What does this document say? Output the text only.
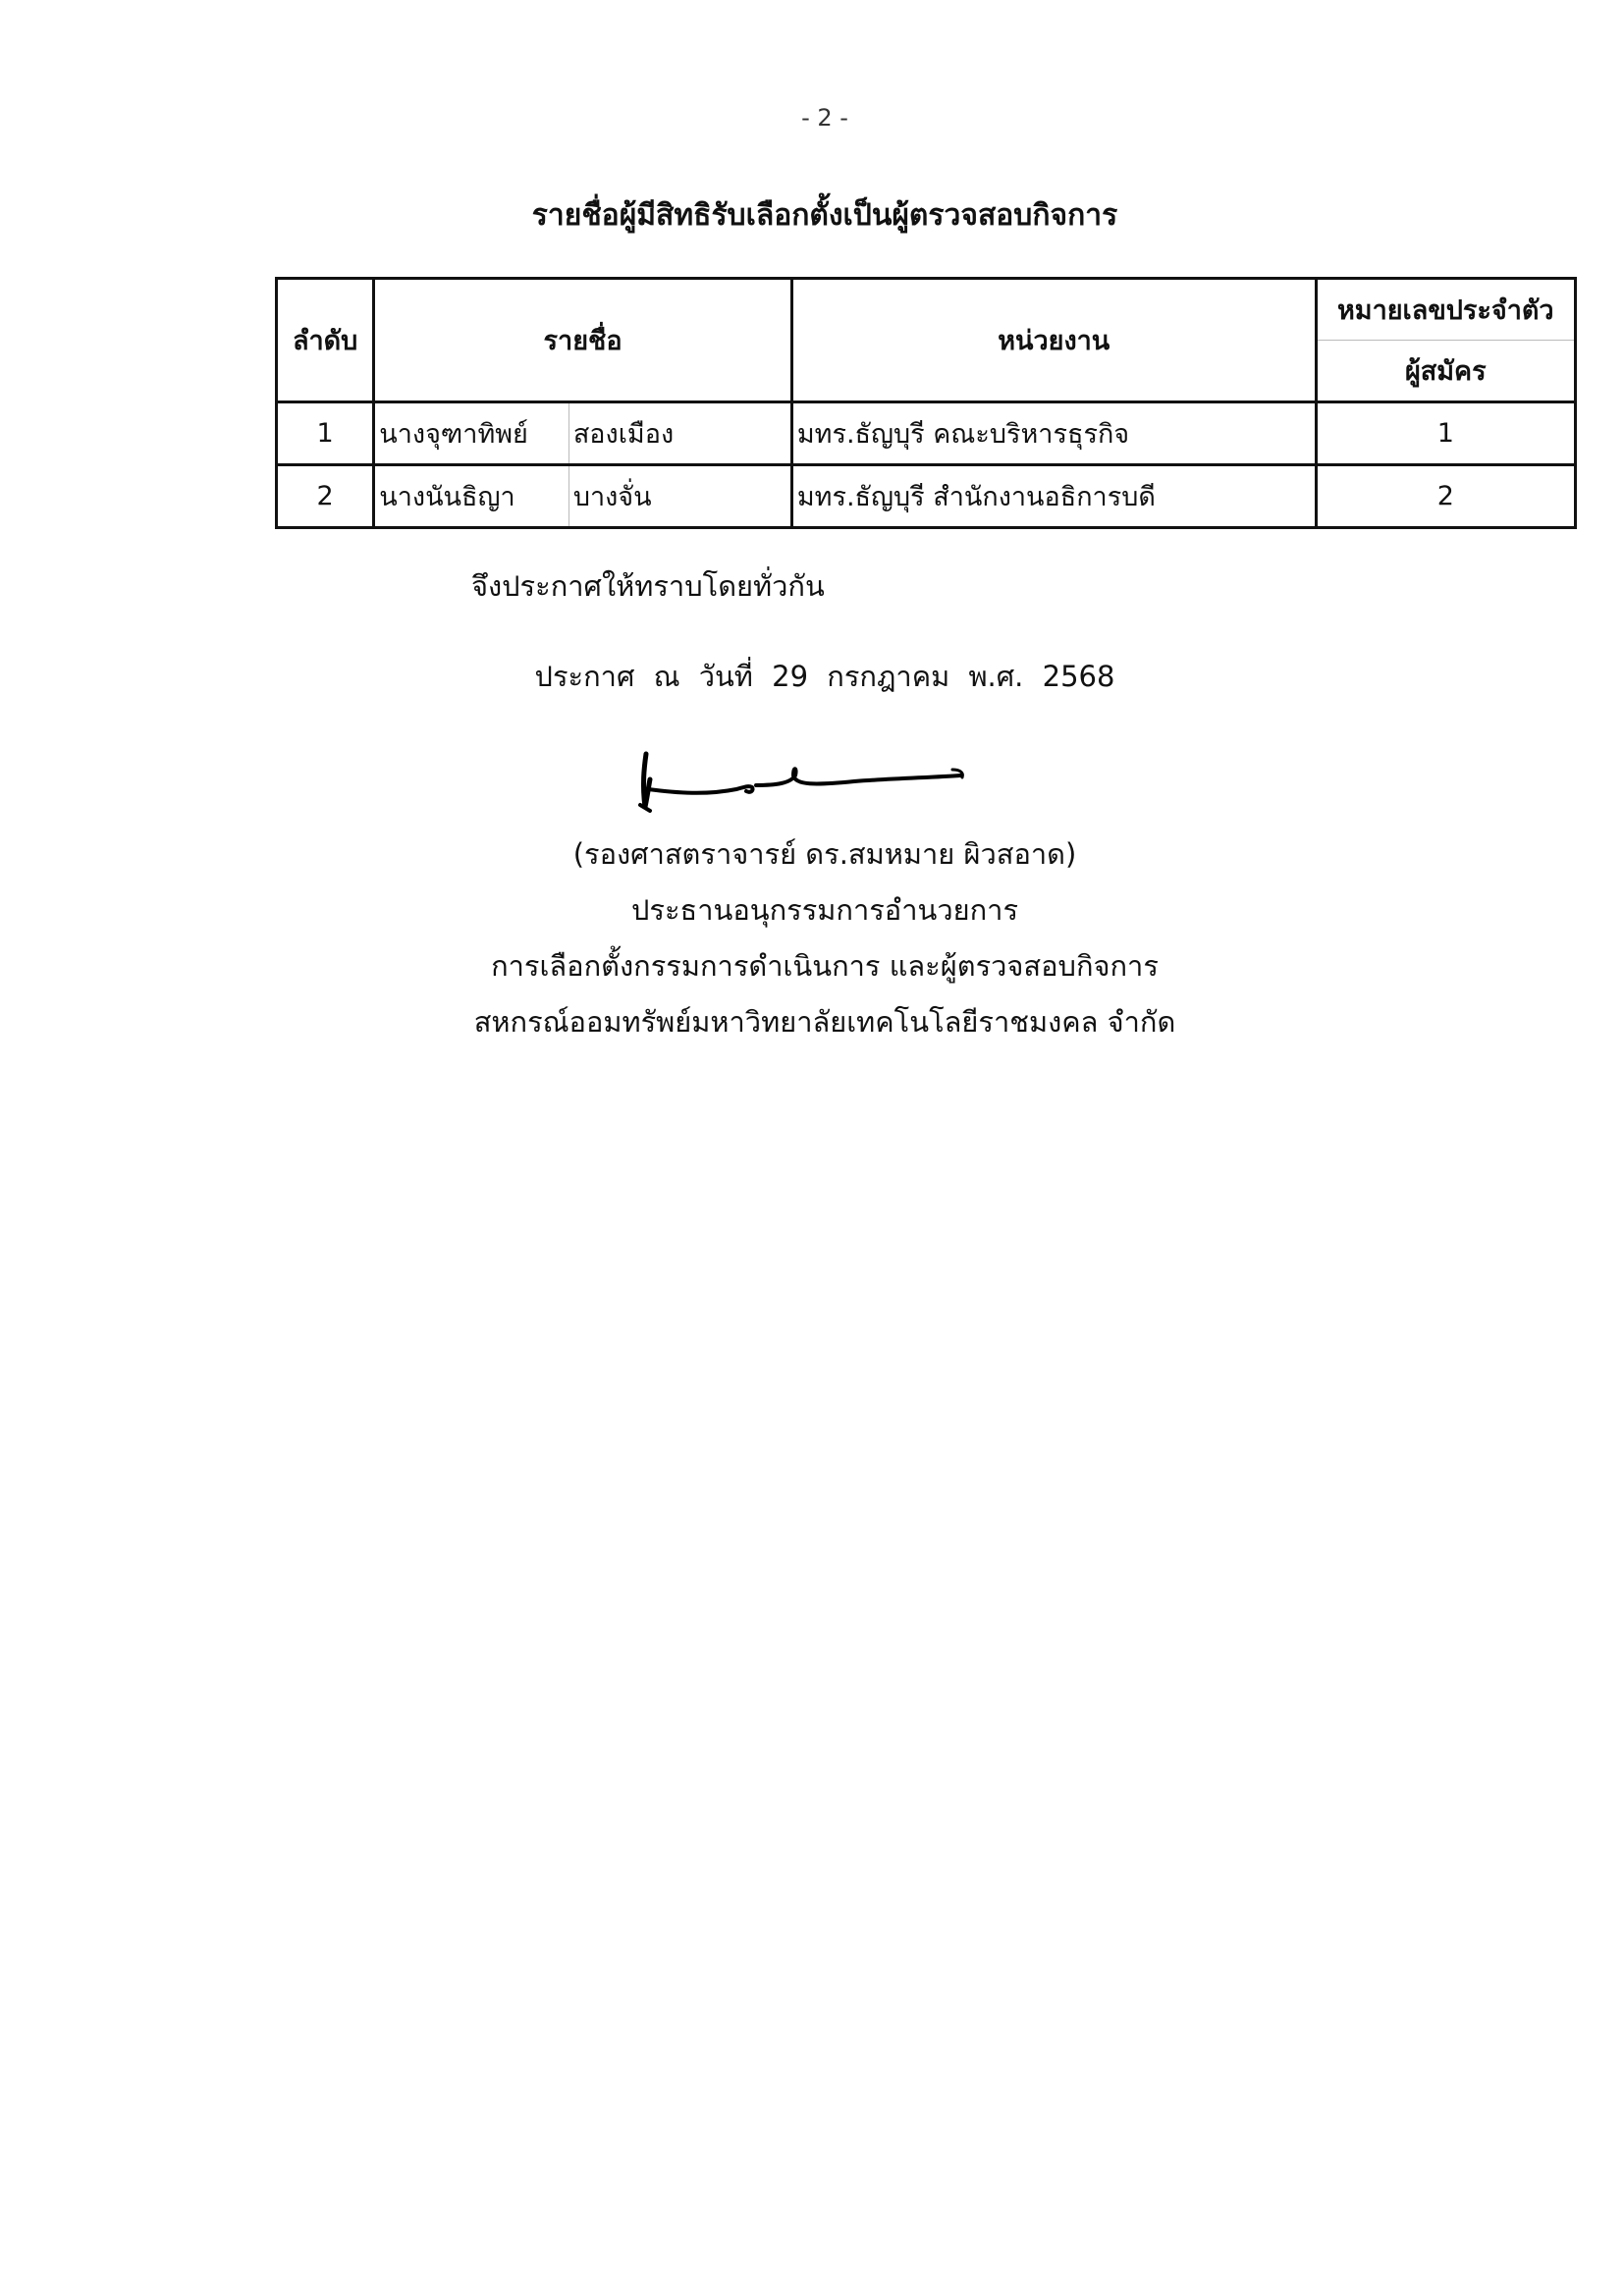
- 2 -
รายชื่อผู้มีสิทธิรับเลือกตั้งเป็นผู้ตรวจสอบกิจการ
ลำดับ	รายชื่อ		หน่วยงาน	หมายเลขประจำตัว
				ผู้สมัคร
1	นางจุฑาทิพย์	สองเมือง	มทร.ธัญบุรี คณะบริหารธุรกิจ	1
2	นางนันธิญา	บางจั่น	มทร.ธัญบุรี สำนักงานอธิการบดี	2
จึงประกาศให้ทราบโดยทั่วกัน
ประกาศ ณ วันที่ 29 กรกฎาคม พ.ศ. 2568
(รองศาสตราจารย์ ดร.สมหมาย ผิวสอาด)
ประธานอนุกรรมการอำนวยการ
การเลือกตั้งกรรมการดำเนินการ และผู้ตรวจสอบกิจการ
สหกรณ์ออมทรัพย์มหาวิทยาลัยเทคโนโลยีราชมงคล จำกัด
